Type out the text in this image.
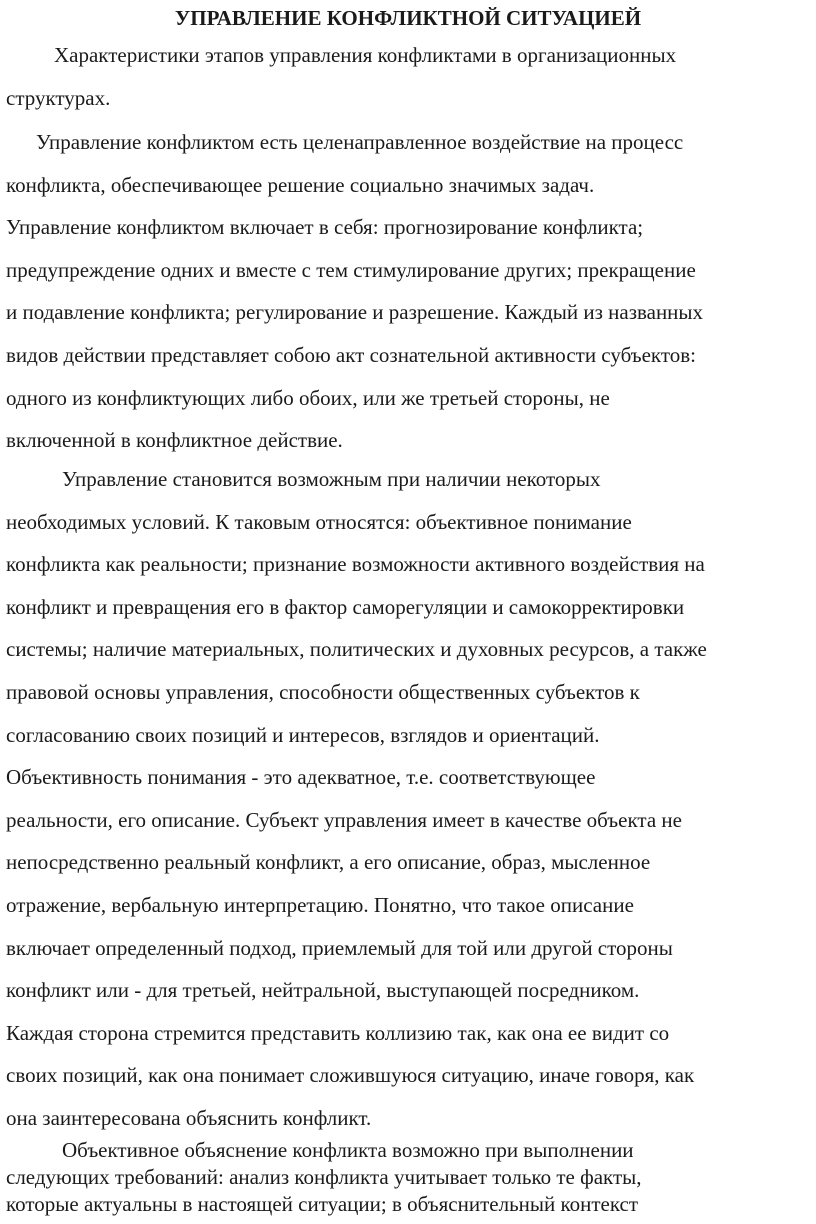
УПРАВЛЕНИЕ КОНФЛИКТНОЙ СИТУАЦИЕЙ
Характеристики этапов управления конфликтами в организационных
структурах.
Управление конфликтом есть целенаправленное воздействие на процесс
конфликта, обеспечивающее решение социально значимых задач.
Управление конфликтом включает в себя: прогнозирование конфликта;
предупреждение одних и вместе с тем стимулирование других; прекращение
и подавление конфликта; регулирование и разрешение. Каждый из названных
видов действии представляет собою акт сознательной активности субъектов:
одного из конфликтующих либо обоих, или же третьей стороны, не
включенной в конфликтное действие.
Управление становится возможным при наличии некоторых
необходимых условий. К таковым относятся: объективное понимание
конфликта как реальности; признание возможности активного воздействия на
конфликт и превращения его в фактор саморегуляции и самокорректировки
системы; наличие материальных, политических и духовных ресурсов, а также
правовой основы управления, способности общественных субъектов к
согласованию своих позиций и интересов, взглядов и ориентаций.
Объективность понимания - это адекватное, т.е. соответствующее
реальности, его описание. Субъект управления имеет в качестве объекта не
непосредственно реальный конфликт, а его описание, образ, мысленное
отражение, вербальную интерпретацию. Понятно, что такое описание
включает определенный подход, приемлемый для той или другой стороны
конфликт или - для третьей, нейтральной, выступающей посредником.
Каждая сторона стремится представить коллизию так, как она ее видит со
своих позиций, как она понимает сложившуюся ситуацию, иначе говоря, как
она заинтересована объяснить конфликт.
Объективное объяснение конфликта возможно при выполнении
следующих требований: анализ конфликта учитывает только те факты,
которые актуальны в настоящей ситуации; в объяснительный контекст
